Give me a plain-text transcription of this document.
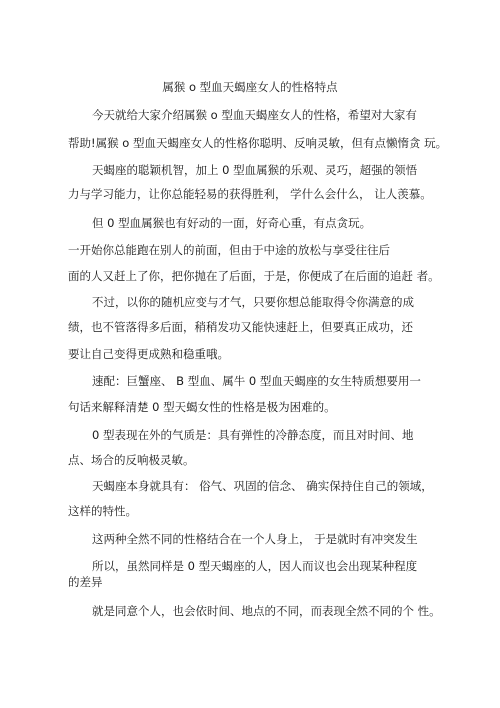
属猴 o 型血天蝎座女人的性格特点
今天就给大家介绍属猴 o 型血天蝎座女人的性格，希望对大家有
帮助!属猴 o 型血天蝎座女人的性格你聪明、反响灵敏，但有点懒惰贪 玩。
天蝎座的聪颖机智，加上 0 型血属猴的乐观、灵巧，超强的领悟
力与学习能力，让你总能轻易的获得胜利， 学什么会什么， 让人羡慕。
但 0 型血属猴也有好动的一面，好奇心重，有点贪玩。
一开始你总能跑在别人的前面，但由于中途的放松与享受往往后
面的人又赶上了你，把你抛在了后面，于是，你便成了在后面的追赶 者。
不过，以你的随机应变与才气，只要你想总能取得令你满意的成
绩，也不管落得多后面，稍稍发功又能快速赶上，但要真正成功，还
要让自己变得更成熟和稳重哦。
速配：巨蟹座、 B 型血、属牛 0 型血天蝎座的女生特质想要用一
句话来解释清楚 0 型天蝎女性的性格是极为困难的。
0 型表现在外的气质是：具有弹性的冷静态度，而且对时间、地
点、场合的反响极灵敏。
天蝎座本身就具有： 俗气、巩固的信念、 确实保持住自己的领域，
这样的特性。
这两种全然不同的性格结合在一个人身上， 于是就时有冲突发生
所以，虽然同样是 0 型天蝎座的人，因人而议也会出现某种程度
的差异
就是同意个人，也会依时间、地点的不同，而表现全然不同的个 性。
